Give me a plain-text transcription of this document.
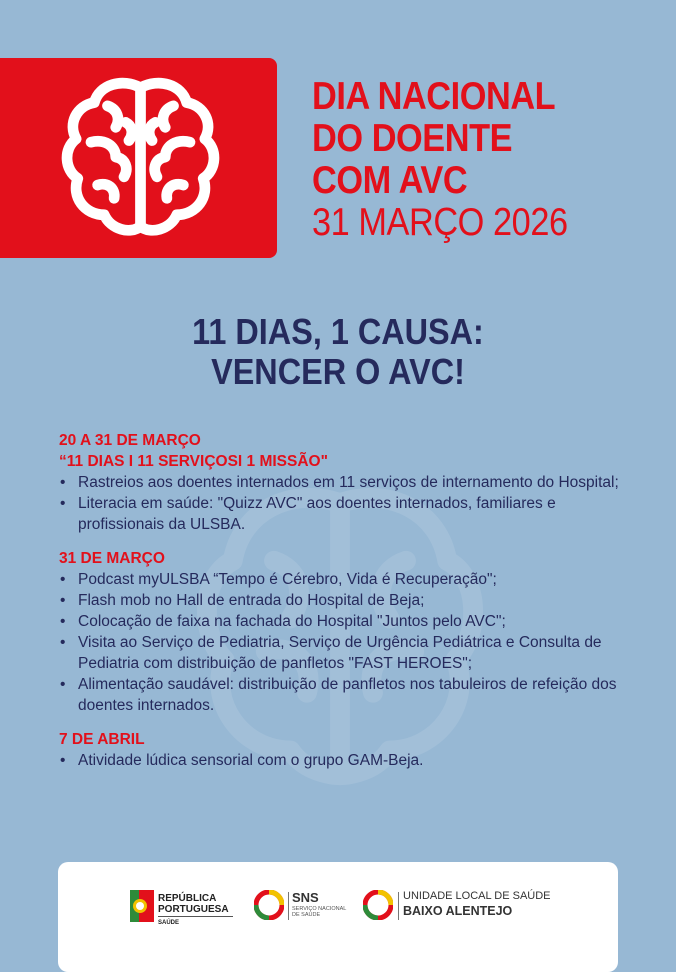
DIA NACIONAL
DO DOENTE
COM AVC
31 MARÇO 2026
11 DIAS, 1 CAUSA:
VENCER O AVC!
20 A 31 DE MARÇO
“11 DIAS I 11 SERVIÇOSI 1 MISSÃO"
• Rastreios aos doentes internados em 11 serviços de internamento do Hospital;
• Literacia em saúde: "Quizz AVC" aos doentes internados, familiares e profissionais da ULSBA.
31 DE MARÇO
• Podcast myULSBA “Tempo é Cérebro, Vida é Recuperação";
• Flash mob no Hall de entrada do Hospital de Beja;
• Colocação de faixa na fachada do Hospital "Juntos pelo AVC";
• Visita ao Serviço de Pediatria, Serviço de Urgência Pediátrica e Consulta de Pediatria com distribuição de panfletos "FAST HEROES";
• Alimentação saudável: distribuição de panfletos nos tabuleiros de refeição dos doentes internados.
7 DE ABRIL
• Atividade lúdica sensorial com o grupo GAM-Beja.
REPÚBLICA
PORTUGUESA
SAÚDE
SNS
SERVIÇO NACIONAL DE SAÚDE
UNIDADE LOCAL DE SAÚDE
BAIXO ALENTEJO
